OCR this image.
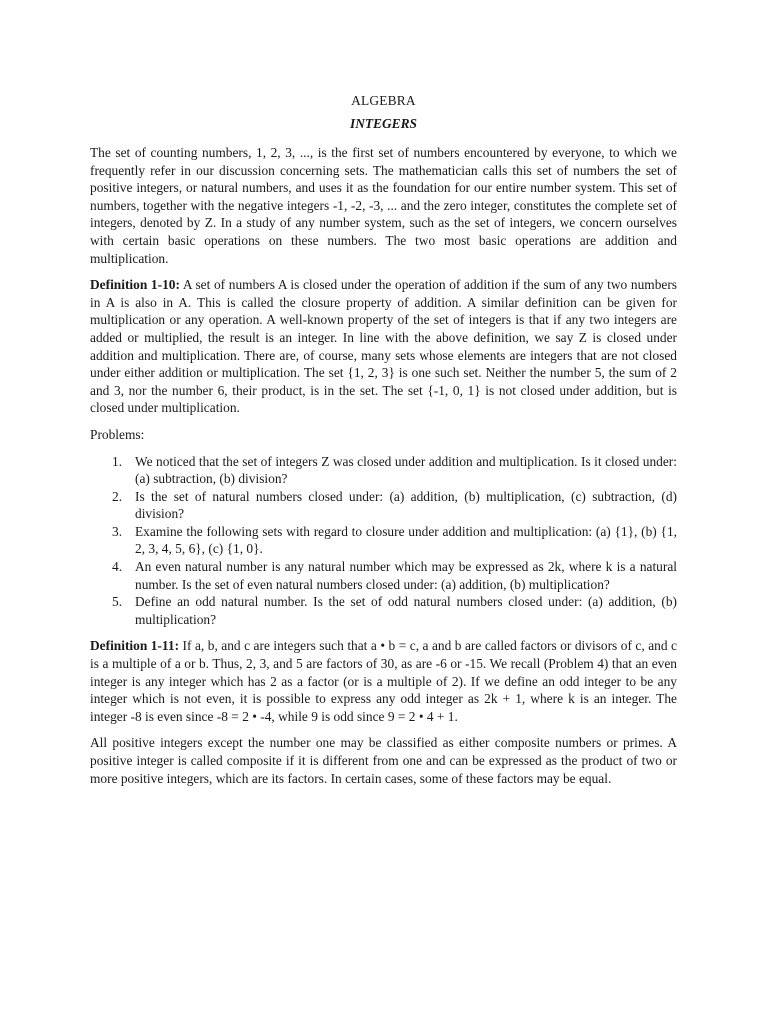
ALGEBRA
INTEGERS

The set of counting numbers, 1, 2, 3, ..., is the first set of numbers encountered by everyone, to which we frequently refer in our discussion concerning sets. The mathematician calls this set of numbers the set of positive integers, or natural numbers, and uses it as the foundation for our entire number system. This set of numbers, together with the negative integers -1, -2, -3, ... and the zero integer, constitutes the complete set of integers, denoted by Z. In a study of any number system, such as the set of integers, we concern ourselves with certain basic operations on these numbers. The two most basic operations are addition and multiplication.

Definition 1-10: A set of numbers A is closed under the operation of addition if the sum of any two numbers in A is also in A. This is called the closure property of addition. A similar definition can be given for multiplication or any operation. A well-known property of the set of integers is that if any two integers are added or multiplied, the result is an integer. In line with the above definition, we say Z is closed under addition and multiplication. There are, of course, many sets whose elements are integers that are not closed under either addition or multiplication. The set {1, 2, 3} is one such set. Neither the number 5, the sum of 2 and 3, nor the number 6, their product, is in the set. The set {-1, 0, 1} is not closed under addition, but is closed under multiplication.

Problems:

1. We noticed that the set of integers Z was closed under addition and multiplication. Is it closed under: (a) subtraction, (b) division?
2. Is the set of natural numbers closed under: (a) addition, (b) multiplication, (c) subtraction, (d) division?
3. Examine the following sets with regard to closure under addition and multiplication: (a) {1}, (b) {1, 2, 3, 4, 5, 6}, (c) {1, 0}.
4. An even natural number is any natural number which may be expressed as 2k, where k is a natural number. Is the set of even natural numbers closed under: (a) addition, (b) multiplication?
5. Define an odd natural number. Is the set of odd natural numbers closed under: (a) addition, (b) multiplication?

Definition 1-11: If a, b, and c are integers such that a • b = c, a and b are called factors or divisors of c, and c is a multiple of a or b. Thus, 2, 3, and 5 are factors of 30, as are -6 or -15. We recall (Problem 4) that an even integer is any integer which has 2 as a factor (or is a multiple of 2). If we define an odd integer to be any integer which is not even, it is possible to express any odd integer as 2k + 1, where k is an integer. The integer -8 is even since -8 = 2 • -4, while 9 is odd since 9 = 2 • 4 + 1.

All positive integers except the number one may be classified as either composite numbers or primes. A positive integer is called composite if it is different from one and can be expressed as the product of two or more positive integers, which are its factors. In certain cases, some of these factors may be equal.
